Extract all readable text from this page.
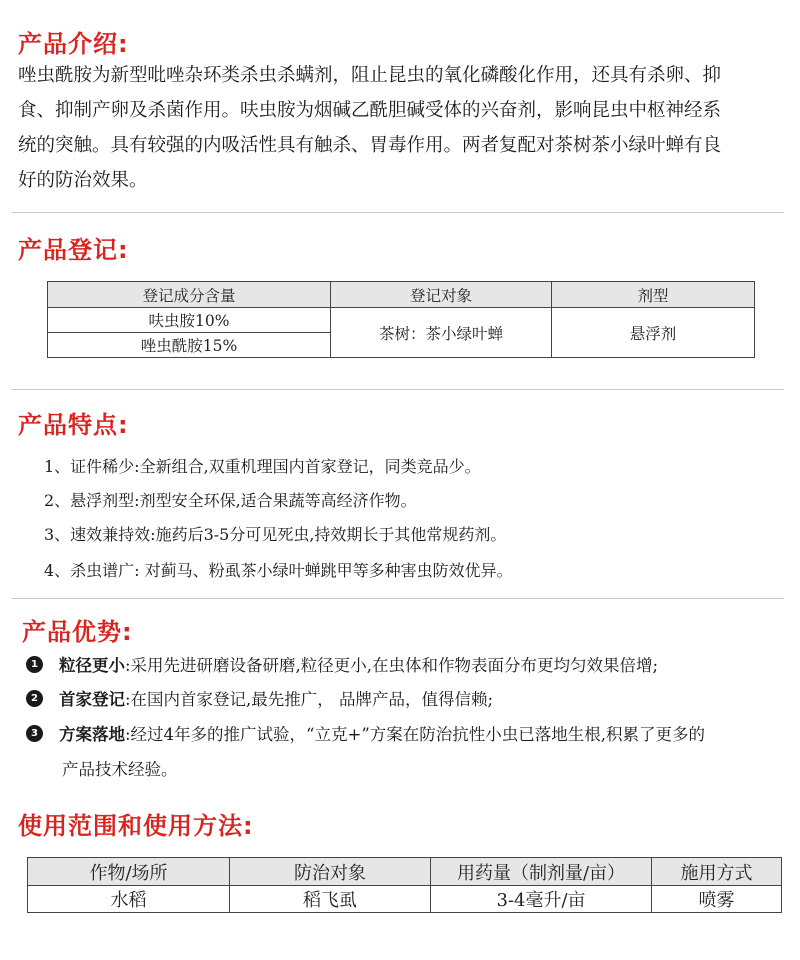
产品介绍:
唑虫酰胺为新型吡唑杂环类杀虫杀螨剂，阻止昆虫的氧化磷酸化作用，还具有杀卵、抑
食、抑制产卵及杀菌作用。呋虫胺为烟碱乙酰胆碱受体的兴奋剂，影响昆虫中枢神经系
统的突触。具有较强的内吸活性具有触杀、胃毒作用。两者复配对茶树茶小绿叶蝉有良
好的防治效果。
产品登记:
登记成分含量	登记对象	剂型
呋虫胺10%	茶树：茶小绿叶蝉	悬浮剂
唑虫酰胺15%		
产品特点:
1、证件稀少:全新组合,双重机理国内首家登记，同类竞品少。
2、悬浮剂型:剂型安全环保,适合果蔬等高经济作物。
3、速效兼持效:施药后3-5分可见死虫,持效期长于其他常规药剂。
4、杀虫谱广: 对蓟马、粉虱茶小绿叶蝉跳甲等多种害虫防效优异。
产品优势:
1	粒径更小 :采用先进研磨设备研磨,粒径更小,在虫体和作物表面分布更均匀效果倍增;
2	首家登记 :在国内首家登记,最先推广， 品牌产品，值得信赖;
3	方案落地 :经过4年多的推广试验，“立克+”方案在防治抗性小虫已落地生根,积累了更多的
产品技术经验。
使用范围和使用方法:
作物/场所	防治对象	用药量（制剂量/亩）	施用方式
水稻	稻飞虱	3-4毫升/亩	喷雾
